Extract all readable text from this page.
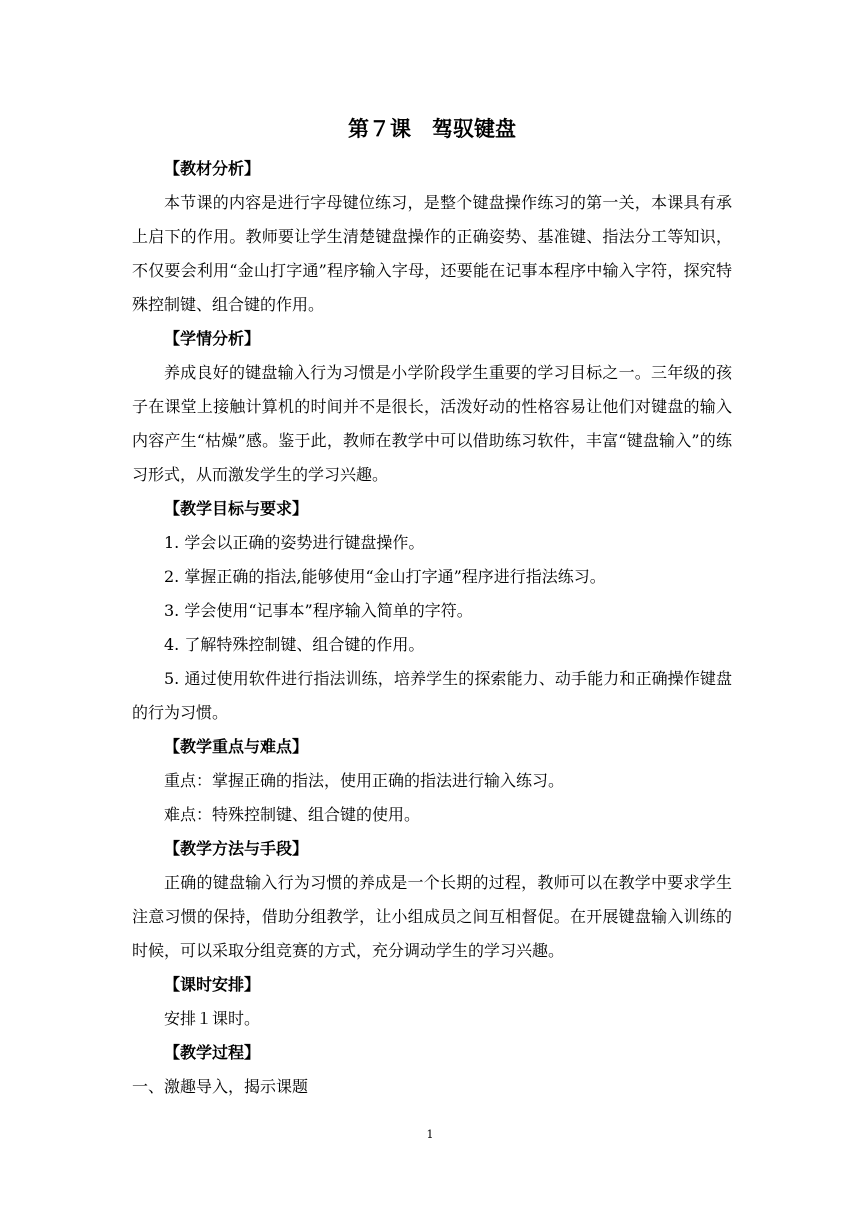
第７课　驾驭键盘

【教材分析】

本节课的内容是进行字母键位练习，是整个键盘操作练习的第一关，本课具有承上启下的作用。教师要让学生清楚键盘操作的正确姿势、基准键、指法分工等知识，不仅要会利用“金山打字通”程序输入字母，还要能在记事本程序中输入字符，探究特殊控制键、组合键的作用。

【学情分析】

养成良好的键盘输入行为习惯是小学阶段学生重要的学习目标之一。三年级的孩子在课堂上接触计算机的时间并不是很长，活泼好动的性格容易让他们对键盘的输入内容产生“枯燥”感。鉴于此，教师在教学中可以借助练习软件，丰富“键盘输入”的练习形式，从而激发学生的学习兴趣。

【教学目标与要求】

1. 学会以正确的姿势进行键盘操作。

2. 掌握正确的指法,能够使用“金山打字通”程序进行指法练习。

3. 学会使用“记事本”程序输入简单的字符。

4. 了解特殊控制键、组合键的作用。

5. 通过使用软件进行指法训练，培养学生的探索能力、动手能力和正确操作键盘的行为习惯。

【教学重点与难点】

重点：掌握正确的指法，使用正确的指法进行输入练习。

难点：特殊控制键、组合键的使用。

【教学方法与手段】

正确的键盘输入行为习惯的养成是一个长期的过程，教师可以在教学中要求学生注意习惯的保持，借助分组教学，让小组成员之间互相督促。在开展键盘输入训练的时候，可以采取分组竞赛的方式，充分调动学生的学习兴趣。

【课时安排】

安排１课时。

【教学过程】

一、激趣导入，揭示课题

1
